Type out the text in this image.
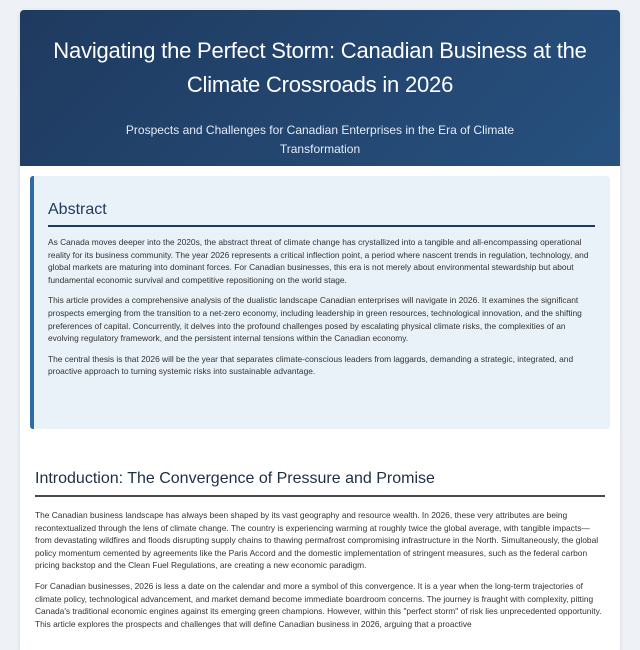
Navigating the Perfect Storm: Canadian Business at the Climate Crossroads in 2026

Prospects and Challenges for Canadian Enterprises in the Era of Climate Transformation

Abstract

As Canada moves deeper into the 2020s, the abstract threat of climate change has crystallized into a tangible and all-encompassing operational reality for its business community. The year 2026 represents a critical inflection point, a period where nascent trends in regulation, technology, and global markets are maturing into dominant forces. For Canadian businesses, this era is not merely about environmental stewardship but about fundamental economic survival and competitive repositioning on the world stage.

This article provides a comprehensive analysis of the dualistic landscape Canadian enterprises will navigate in 2026. It examines the significant prospects emerging from the transition to a net-zero economy, including leadership in green resources, technological innovation, and the shifting preferences of capital. Concurrently, it delves into the profound challenges posed by escalating physical climate risks, the complexities of an evolving regulatory framework, and the persistent internal tensions within the Canadian economy.

The central thesis is that 2026 will be the year that separates climate-conscious leaders from laggards, demanding a strategic, integrated, and proactive approach to turning systemic risks into sustainable advantage.

Introduction: The Convergence of Pressure and Promise

The Canadian business landscape has always been shaped by its vast geography and resource wealth. In 2026, these very attributes are being recontextualized through the lens of climate change. The country is experiencing warming at roughly twice the global average, with tangible impacts—from devastating wildfires and floods disrupting supply chains to thawing permafrost compromising infrastructure in the North. Simultaneously, the global policy momentum cemented by agreements like the Paris Accord and the domestic implementation of stringent measures, such as the federal carbon pricing backstop and the Clean Fuel Regulations, are creating a new economic paradigm.

For Canadian businesses, 2026 is less a date on the calendar and more a symbol of this convergence. It is a year when the long-term trajectories of climate policy, technological advancement, and market demand become immediate boardroom concerns. The journey is fraught with complexity, pitting Canada's traditional economic engines against its emerging green champions. However, within this "perfect storm" of risk lies unprecedented opportunity. This article explores the prospects and challenges that will define Canadian business in 2026, arguing that a proactive
